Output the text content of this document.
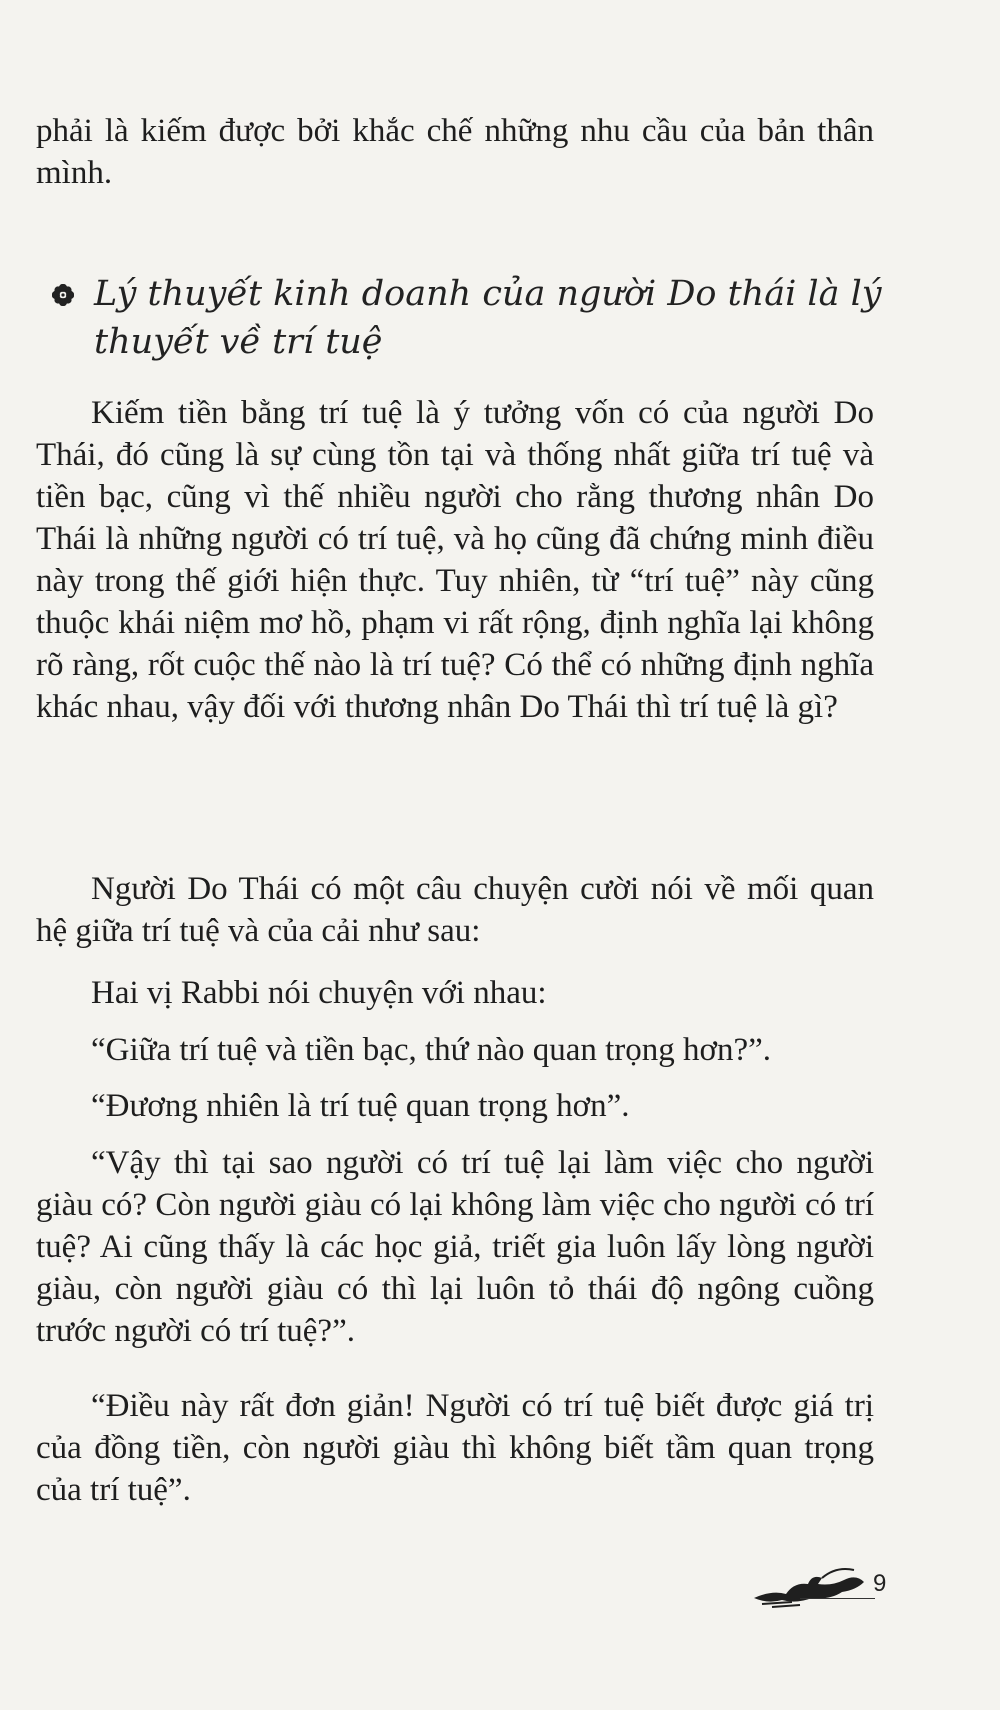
phải là kiếm được bởi khắc chế những nhu cầu của bản thân mình.

Lý thuyết kinh doanh của người Do thái là lý thuyết về trí tuệ

Kiếm tiền bằng trí tuệ là ý tưởng vốn có của người Do Thái, đó cũng là sự cùng tồn tại và thống nhất giữa trí tuệ và tiền bạc, cũng vì thế nhiều người cho rằng thương nhân Do Thái là những người có trí tuệ, và họ cũng đã chứng minh điều này trong thế giới hiện thực. Tuy nhiên, từ “trí tuệ” này cũng thuộc khái niệm mơ hồ, phạm vi rất rộng, định nghĩa lại không rõ ràng, rốt cuộc thế nào là trí tuệ? Có thể có những định nghĩa khác nhau, vậy đối với thương nhân Do Thái thì trí tuệ là gì?

Người Do Thái có một câu chuyện cười nói về mối quan hệ giữa trí tuệ và của cải như sau:

Hai vị Rabbi nói chuyện với nhau:

“Giữa trí tuệ và tiền bạc, thứ nào quan trọng hơn?”.

“Đương nhiên là trí tuệ quan trọng hơn”.

“Vậy thì tại sao người có trí tuệ lại làm việc cho người giàu có? Còn người giàu có lại không làm việc cho người có trí tuệ? Ai cũng thấy là các học giả, triết gia luôn lấy lòng người giàu, còn người giàu có thì lại luôn tỏ thái độ ngông cuồng trước người có trí tuệ?”.

“Điều này rất đơn giản! Người có trí tuệ biết được giá trị của đồng tiền, còn người giàu thì không biết tầm quan trọng của trí tuệ”.

9
